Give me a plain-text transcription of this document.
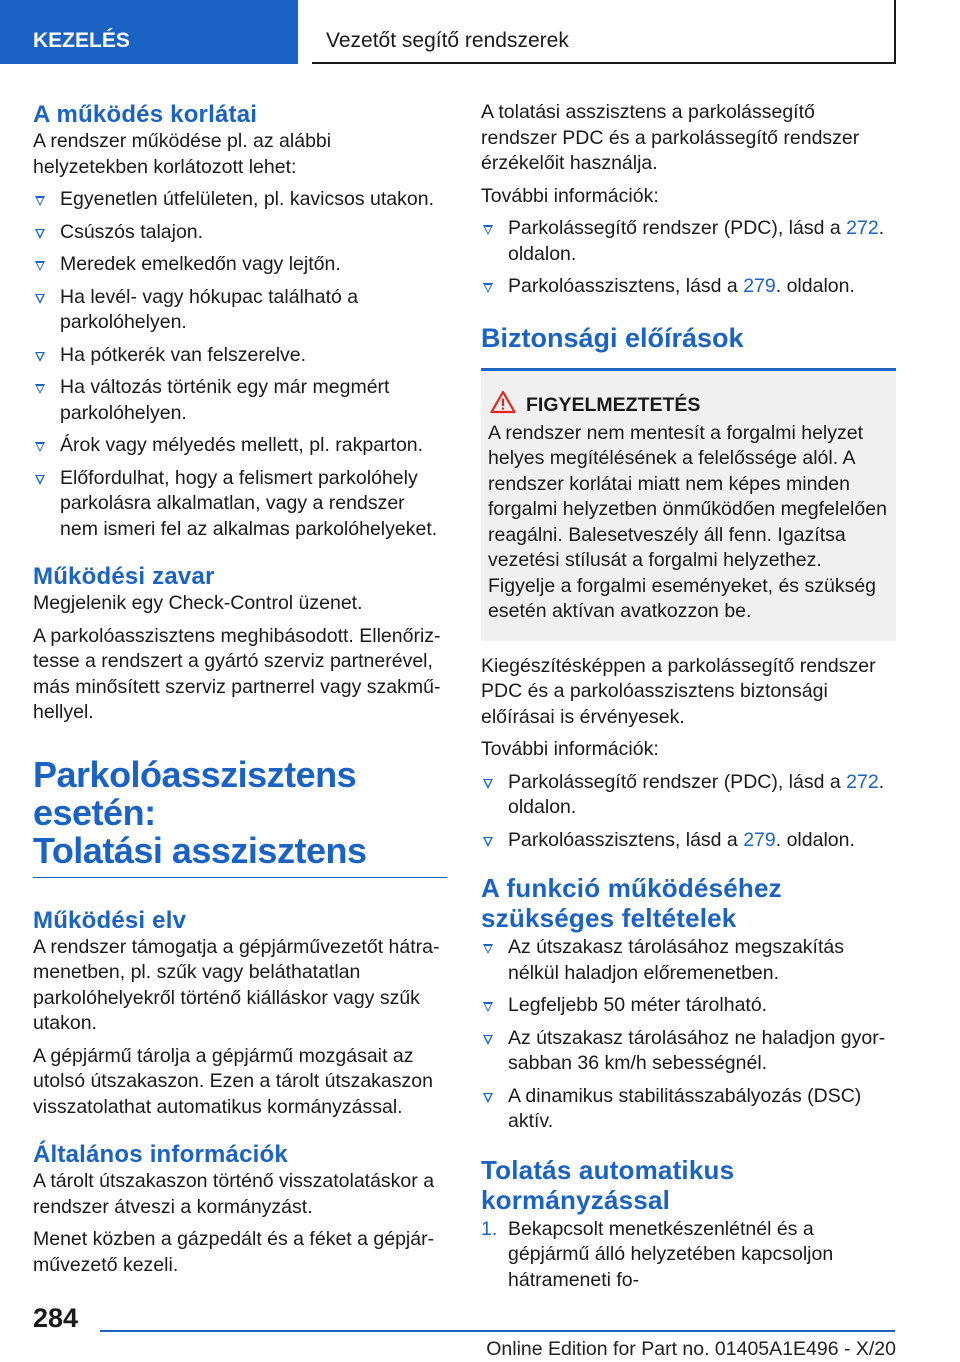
KEZELÉS	Vezetőt segítő rendszerek
A működés korlátai
A rendszer működése pl. az alábbi helyzetekben korlátozott lehet:
Egyenetlen útfelületen, pl. kavicsos utakon.
Csúszós talajon.
Meredek emelkedőn vagy lejtőn.
Ha levél- vagy hókupac található a parkolóhelyen.
Ha pótkerék van felszerelve.
Ha változás történik egy már megmért parkolóhelyen.
Árok vagy mélyedés mellett, pl. rakparton.
Előfordulhat, hogy a felismert parkolóhely parkolásra alkalmatlan, vagy a rendszer nem ismeri fel az alkalmas parkolóhelyeket.
Működési zavar
Megjelenik egy Check-Control üzenet.
A parkolóasszisztens meghibásodott. Ellenőriztesse a rendszert a gyártó szerviz partnerével, más minősített szerviz partnerrel vagy szakműhellyel.
Parkolóasszisztens esetén:
Tolatási asszisztens
Működési elv
A rendszer támogatja a gépjárművezetőt hátramenetben, pl. szűk vagy beláthatatlan parkolóhelyekről történő kiálláskor vagy szűk utakon.
A gépjármű tárolja a gépjármű mozgásait az utolsó útszakaszon. Ezen a tárolt útszakaszon visszatolathat automatikus kormányzással.
Általános információk
A tárolt útszakaszon történő visszatolatáskor a rendszer átveszi a kormányzást.
Menet közben a gázpedált és a féket a gépjárművezető kezeli.
A tolatási asszisztens a parkolássegítő rendszer PDC és a parkolássegítő rendszer érzékelőit használja.
További információk:
Parkolássegítő rendszer (PDC), lásd a 272. oldalon.
Parkolóasszisztens, lásd a 279. oldalon.
Biztonsági előírások
FIGYELMEZTETÉS
A rendszer nem mentesít a forgalmi helyzet helyes megítélésének a felelőssége alól. A rendszer korlátai miatt nem képes minden forgalmi helyzetben önműködően megfelelően reagálni. Balesetveszély áll fenn. Igazítsa vezetési stílusát a forgalmi helyzethez. Figyelje a forgalmi eseményeket, és szükség esetén aktívan avatkozzon be.
Kiegészítésképpen a parkolássegítő rendszer PDC és a parkolóasszisztens biztonsági előírásai is érvényesek.
További információk:
Parkolássegítő rendszer (PDC), lásd a 272. oldalon.
Parkolóasszisztens, lásd a 279. oldalon.
A funkció működéséhez szükséges feltételek
Az útszakasz tárolásához megszakítás nélkül haladjon előremenetben.
Legfeljebb 50 méter tárolható.
Az útszakasz tárolásához ne haladjon gyorsabban 36 km/h sebességnél.
A dinamikus stabilitásszabályozás (DSC) aktív.
Tolatás automatikus kormányzással
1. Bekapcsolt menetkészenlétnél és a gépjármű álló helyzetében kapcsoljon hátrameneti fo-
284
Online Edition for Part no. 01405A1E496 - X/20
